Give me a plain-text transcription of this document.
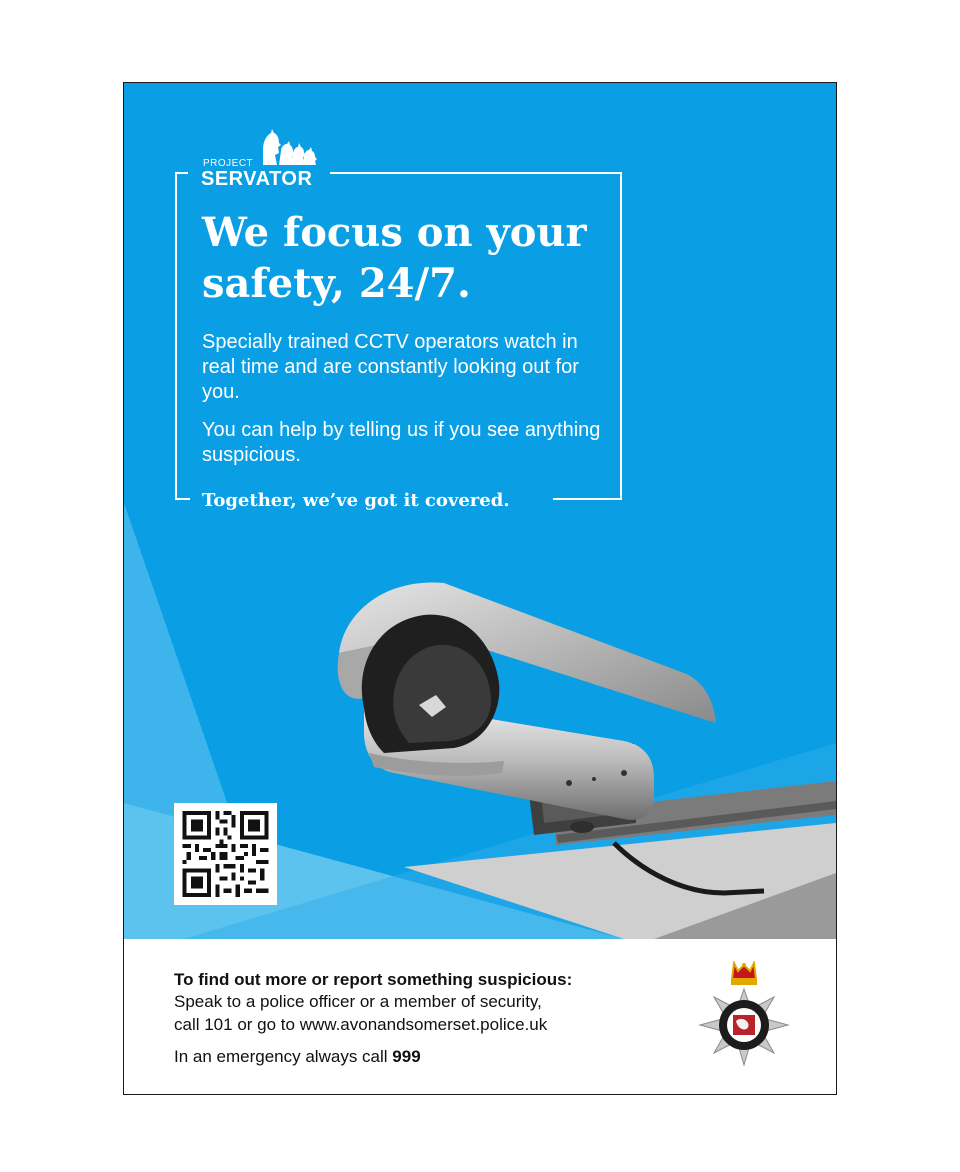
PROJECT
SERVATOR
We focus on your safety, 24/7.

Specially trained CCTV operators watch in real time and are constantly looking out for you.

You can help by telling us if you see anything suspicious.

Together, we’ve got it covered.

To find out more or report something suspicious:

Speak to a police officer or a member of security,

call 101 or go to www.avonandsomerset.police.uk

In an emergency always call 999
